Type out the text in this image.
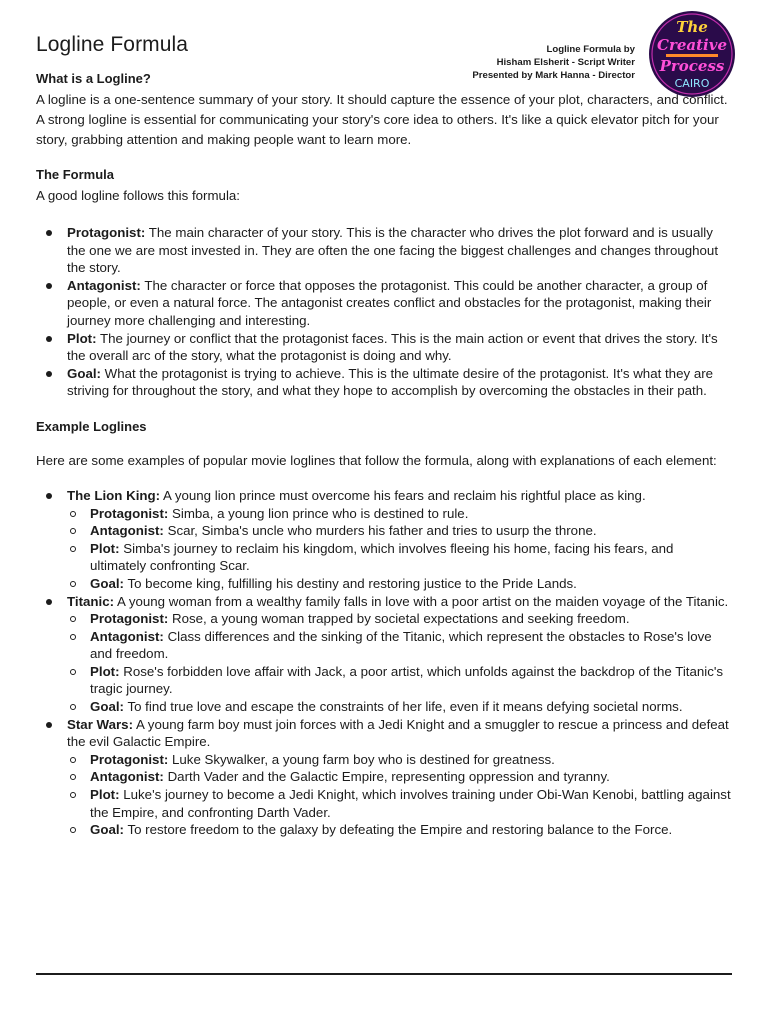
Logline Formula	Logline Formula by
Hisham Elsherit - Script Writer
Presented by Mark Hanna - Director
The
Creative
Process
CAIRO
What is a Logline?

A logline is a one-sentence summary of your story. It should capture the essence of your plot, characters, and conflict. A strong logline is essential for communicating your story's core idea to others. It's like a quick elevator pitch for your story, grabbing attention and making people want to learn more.

The Formula

A good logline follows this formula:

Protagonist: The main character of your story. This is the character who drives the plot forward and is usually the one we are most invested in. They are often the one facing the biggest challenges and changes throughout the story.
Antagonist: The character or force that opposes the protagonist. This could be another character, a group of people, or even a natural force. The antagonist creates conflict and obstacles for the protagonist, making their journey more challenging and interesting.
Plot: The journey or conflict that the protagonist faces. This is the main action or event that drives the story. It's the overall arc of the story, what the protagonist is doing and why.
Goal: What the protagonist is trying to achieve. This is the ultimate desire of the protagonist. It's what they are striving for throughout the story, and what they hope to accomplish by overcoming the obstacles in their path.
Example Loglines

Here are some examples of popular movie loglines that follow the formula, along with explanations of each element:

The Lion King: A young lion prince must overcome his fears and reclaim his rightful place as king.
Protagonist: Simba, a young lion prince who is destined to rule.
Antagonist: Scar, Simba's uncle who murders his father and tries to usurp the throne.
Plot: Simba's journey to reclaim his kingdom, which involves fleeing his home, facing his fears, and ultimately confronting Scar.
Goal: To become king, fulfilling his destiny and restoring justice to the Pride Lands.
Titanic: A young woman from a wealthy family falls in love with a poor artist on the maiden voyage of the Titanic.
Protagonist: Rose, a young woman trapped by societal expectations and seeking freedom.
Antagonist: Class differences and the sinking of the Titanic, which represent the obstacles to Rose's love and freedom.
Plot: Rose's forbidden love affair with Jack, a poor artist, which unfolds against the backdrop of the Titanic's tragic journey.
Goal: To find true love and escape the constraints of her life, even if it means defying societal norms.
Star Wars: A young farm boy must join forces with a Jedi Knight and a smuggler to rescue a princess and defeat the evil Galactic Empire.
Protagonist: Luke Skywalker, a young farm boy who is destined for greatness.
Antagonist: Darth Vader and the Galactic Empire, representing oppression and tyranny.
Plot: Luke's journey to become a Jedi Knight, which involves training under Obi-Wan Kenobi, battling against the Empire, and confronting Darth Vader.
Goal: To restore freedom to the galaxy by defeating the Empire and restoring balance to the Force.
